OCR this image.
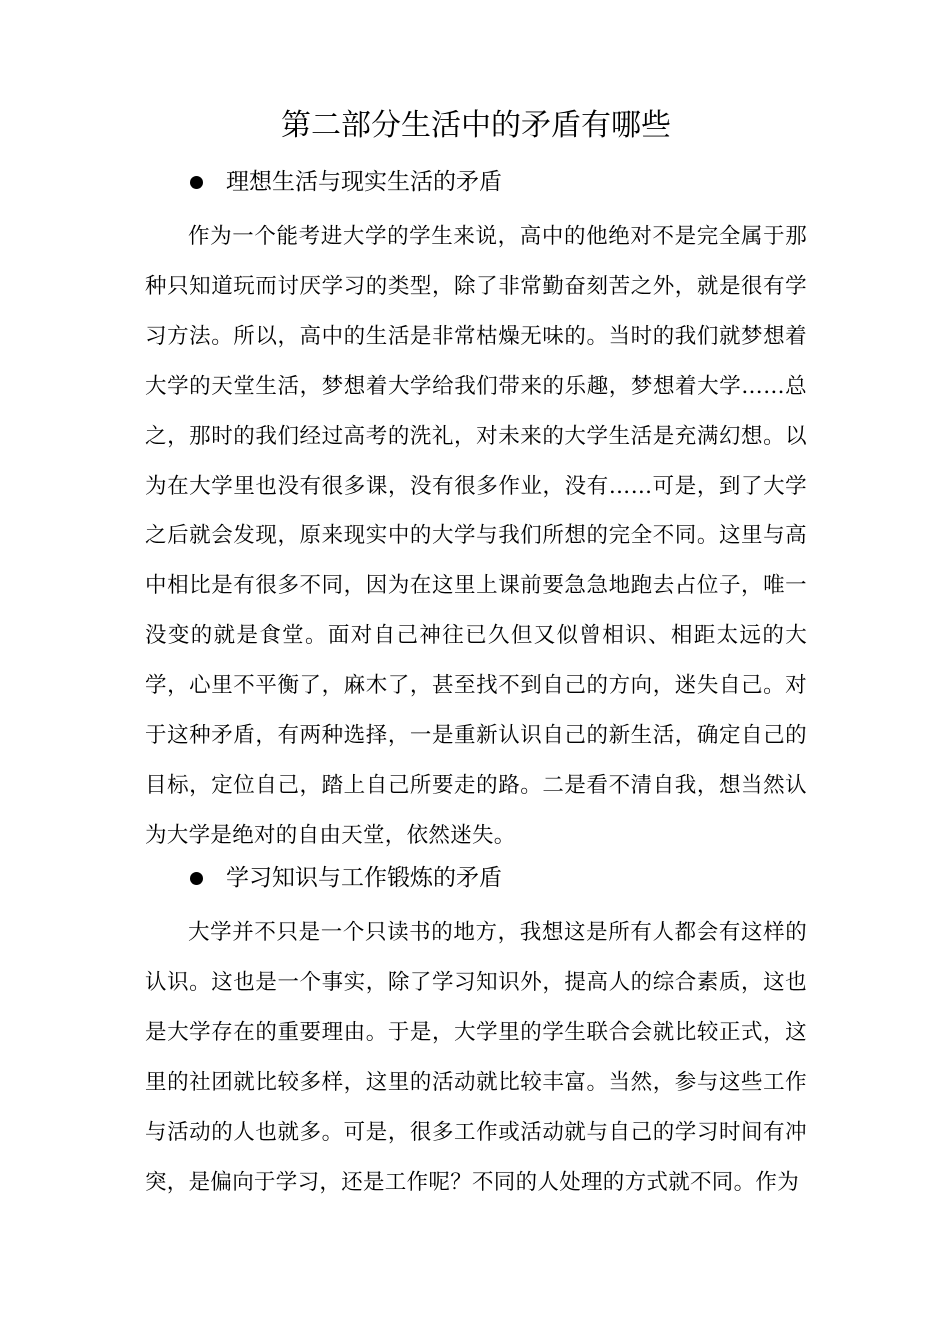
第二部分生活中的矛盾有哪些
理想生活与现实生活的矛盾

作为一个能考进大学的学生来说，高中的他绝对不是完全属于那种只知道玩而讨厌学习的类型，除了非常勤奋刻苦之外，就是很有学习方法。所以，高中的生活是非常枯燥无味的。当时的我们就梦想着大学的天堂生活，梦想着大学给我们带来的乐趣，梦想着大学……总之，那时的我们经过高考的洗礼，对未来的大学生活是充满幻想。以为在大学里也没有很多课，没有很多作业，没有……可是，到了大学之后就会发现，原来现实中的大学与我们所想的完全不同。这里与高中相比是有很多不同，因为在这里上课前要急急地跑去占位子，唯一没变的就是食堂。面对自己神往已久但又似曾相识、相距太远的大学，心里不平衡了，麻木了，甚至找不到自己的方向，迷失自己。对于这种矛盾，有两种选择，一是重新认识自己的新生活，确定自己的目标，定位自己，踏上自己所要走的路。二是看不清自我，想当然认为大学是绝对的自由天堂，依然迷失。

学习知识与工作锻炼的矛盾

大学并不只是一个只读书的地方，我想这是所有人都会有这样的认识。这也是一个事实，除了学习知识外，提高人的综合素质，这也是大学存在的重要理由。于是，大学里的学生联合会就比较正式，这里的社团就比较多样，这里的活动就比较丰富。当然，参与这些工作与活动的人也就多。可是，很多工作或活动就与自己的学习时间有冲突，是偏向于学习，还是工作呢？不同的人处理的方式就不同。作为
